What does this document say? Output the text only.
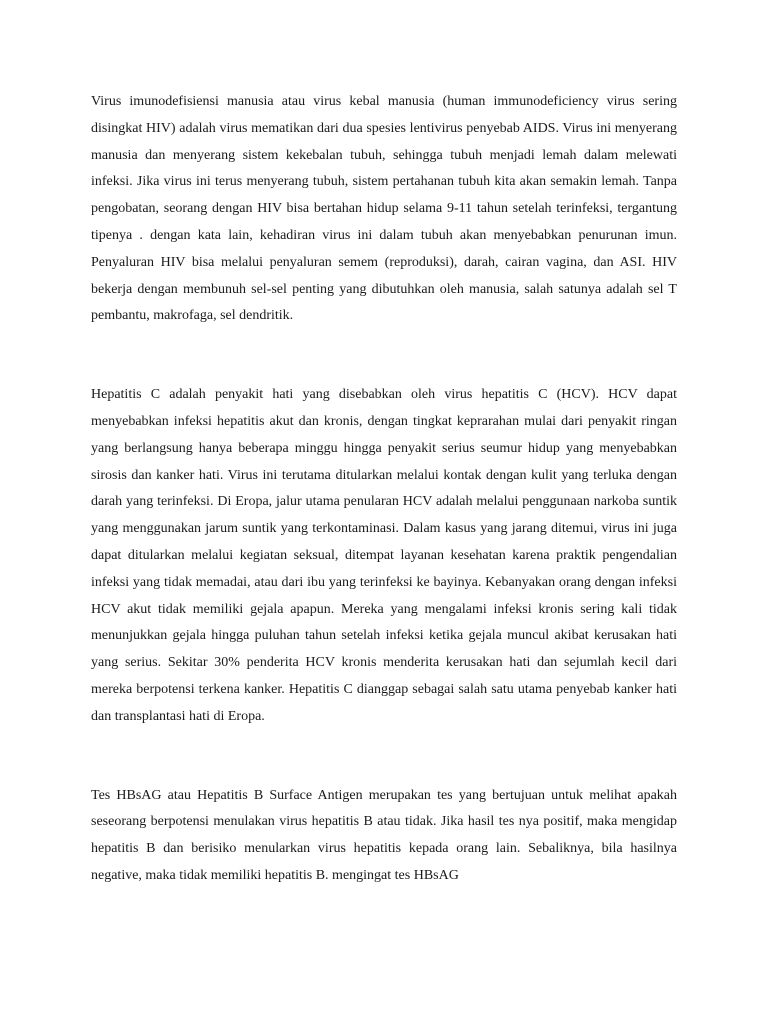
Virus imunodefisiensi manusia atau virus kebal manusia (human immunodeficiency virus sering disingkat HIV) adalah virus mematikan dari dua spesies lentivirus penyebab AIDS. Virus ini menyerang manusia dan menyerang sistem kekebalan tubuh, sehingga tubuh menjadi lemah dalam melewati infeksi. Jika virus ini terus menyerang tubuh, sistem pertahanan tubuh kita akan semakin lemah. Tanpa pengobatan, seorang dengan HIV bisa bertahan hidup selama 9-11 tahun setelah terinfeksi, tergantung tipenya . dengan kata lain, kehadiran virus ini dalam tubuh akan menyebabkan penurunan imun. Penyaluran HIV bisa melalui penyaluran semem (reproduksi), darah, cairan vagina, dan ASI. HIV bekerja dengan membunuh sel-sel penting yang dibutuhkan oleh manusia, salah satunya adalah sel T pembantu, makrofaga, sel dendritik.

Hepatitis C adalah penyakit hati yang disebabkan oleh virus hepatitis C (HCV). HCV dapat menyebabkan infeksi hepatitis akut dan kronis, dengan tingkat keprarahan mulai dari penyakit ringan yang berlangsung hanya beberapa minggu hingga penyakit serius seumur hidup yang menyebabkan sirosis dan kanker hati. Virus ini terutama ditularkan melalui kontak dengan kulit yang terluka dengan darah yang terinfeksi. Di Eropa, jalur utama penularan HCV adalah melalui penggunaan narkoba suntik yang menggunakan jarum suntik yang terkontaminasi. Dalam kasus yang jarang ditemui, virus ini juga dapat ditularkan melalui kegiatan seksual, ditempat layanan kesehatan karena praktik pengendalian infeksi yang tidak memadai, atau dari ibu yang terinfeksi ke bayinya. Kebanyakan orang dengan infeksi HCV akut tidak memiliki gejala apapun. Mereka yang mengalami infeksi kronis sering kali tidak menunjukkan gejala hingga puluhan tahun setelah infeksi ketika gejala muncul akibat kerusakan hati yang serius. Sekitar 30% penderita HCV kronis menderita kerusakan hati dan sejumlah kecil dari mereka berpotensi terkena kanker. Hepatitis C dianggap sebagai salah satu utama penyebab kanker hati dan transplantasi hati di Eropa.

Tes HBsAG atau Hepatitis B Surface Antigen merupakan tes yang bertujuan untuk melihat apakah seseorang berpotensi menulakan virus hepatitis B atau tidak. Jika hasil tes nya positif, maka mengidap hepatitis B dan berisiko menularkan virus hepatitis kepada orang lain. Sebaliknya, bila hasilnya negative, maka tidak memiliki hepatitis B. mengingat tes HBsAG
